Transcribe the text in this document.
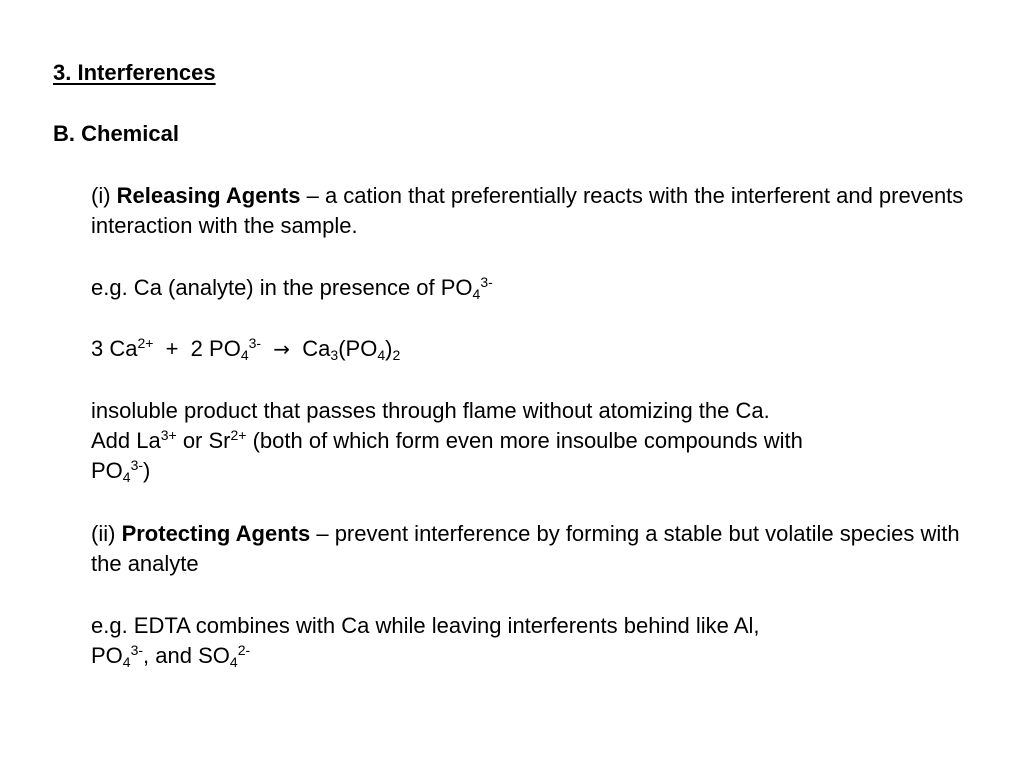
3. Interferences
B. Chemical
(i) Releasing Agents – a cation that preferentially reacts with the interferent and prevents interaction with the sample.
e.g. Ca (analyte) in the presence of $PO_4^{3-}$
3 $Ca^{2+} + 2$ $PO_4^{3-} \to Ca_3(PO_4)_2$
insoluble product that passes through flame without atomizing the Ca.
Add $La^{3+}$ or $Sr^{2+}$ (both of which form even more insoulbe compounds with
$PO_4^{3-}$)
(ii) Protecting Agents – prevent interference by forming a stable but volatile species with the analyte
e.g. EDTA combines with Ca while leaving interferents behind like Al,
$PO_4^{3-}$, and $SO_4^{2-}$
